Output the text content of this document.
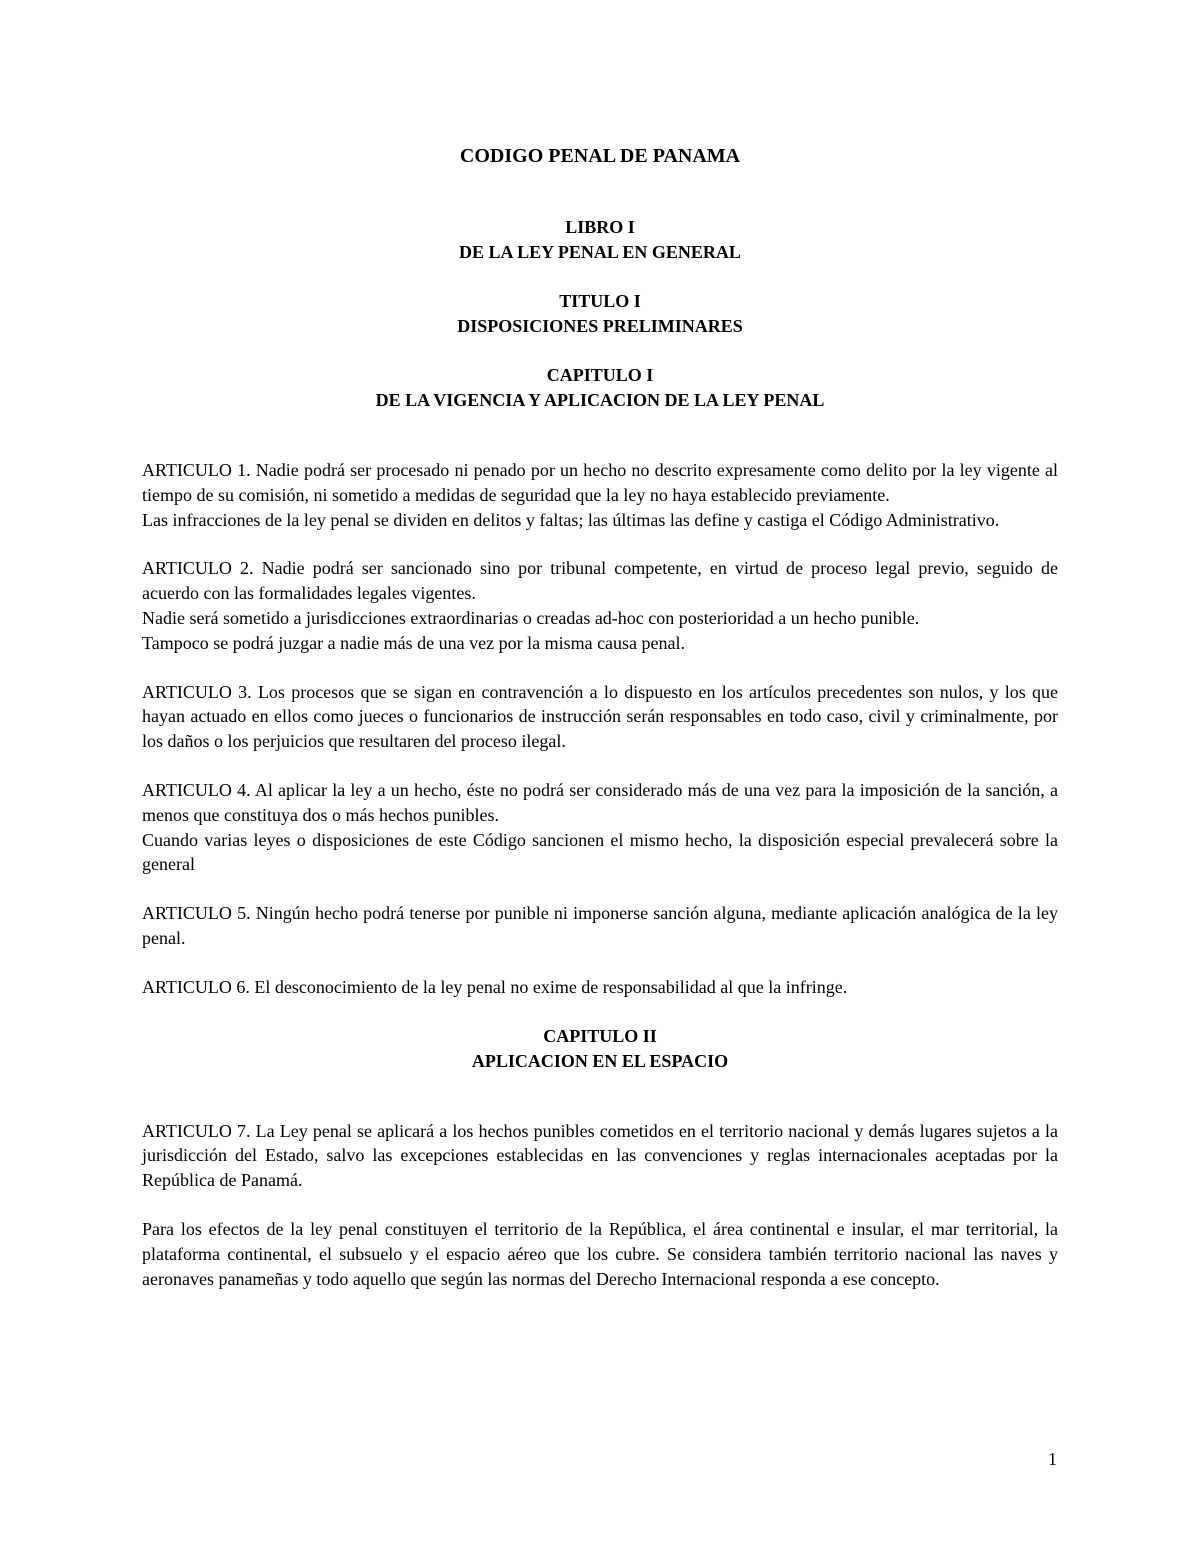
CODIGO PENAL DE PANAMA
LIBRO I
DE LA LEY PENAL EN GENERAL
TITULO I
DISPOSICIONES PRELIMINARES
CAPITULO I
DE LA VIGENCIA Y APLICACION DE LA LEY PENAL

ARTICULO 1. Nadie podrá ser procesado ni penado por un hecho no descrito expresamente como delito por la ley vigente al tiempo de su comisión, ni sometido a medidas de seguridad que la ley no haya establecido previamente.

Las infracciones de la ley penal se dividen en delitos y faltas; las últimas las define y castiga el Código Administrativo.

ARTICULO 2. Nadie podrá ser sancionado sino por tribunal competente, en virtud de proceso legal previo, seguido de acuerdo con las formalidades legales vigentes.

Nadie será sometido a jurisdicciones extraordinarias o creadas ad-hoc con posterioridad a un hecho punible.

Tampoco se podrá juzgar a nadie más de una vez por la misma causa penal.

ARTICULO 3. Los procesos que se sigan en contravención a lo dispuesto en los artículos precedentes son nulos, y los que hayan actuado en ellos como jueces o funcionarios de instrucción serán responsables en todo caso, civil y criminalmente, por los daños o los perjuicios que resultaren del proceso ilegal.

ARTICULO 4. Al aplicar la ley a un hecho, éste no podrá ser considerado más de una vez para la imposición de la sanción, a menos que constituya dos o más hechos punibles.

Cuando varias leyes o disposiciones de este Código sancionen el mismo hecho, la disposición especial prevalecerá sobre la general

ARTICULO 5. Ningún hecho podrá tenerse por punible ni imponerse sanción alguna, mediante aplicación analógica de la ley penal.

ARTICULO 6. El desconocimiento de la ley penal no exime de responsabilidad al que la infringe.

CAPITULO II
APLICACION EN EL ESPACIO

ARTICULO 7. La Ley penal se aplicará a los hechos punibles cometidos en el territorio nacional y demás lugares sujetos a la jurisdicción del Estado, salvo las excepciones establecidas en las convenciones y reglas internacionales aceptadas por la República de Panamá.

Para los efectos de la ley penal constituyen el territorio de la República, el área continental e insular, el mar territorial, la plataforma continental, el subsuelo y el espacio aéreo que los cubre. Se considera también territorio nacional las naves y aeronaves panameñas y todo aquello que según las normas del Derecho Internacional responda a ese concepto.

1
